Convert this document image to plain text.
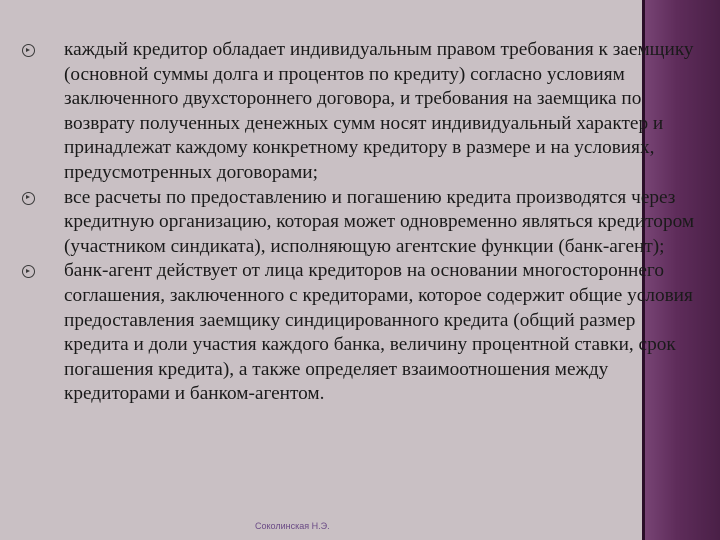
каждый кредитор обладает индивидуальным правом требования к заемщику (основной суммы долга и процентов по кредиту) согласно условиям заключенного двухстороннего договора, и требования на заемщика по возврату полученных денежных сумм носят индивидуальный характер и принадлежат каждому конкретному кредитору в размере и на условиях, предусмотренных договорами;
все расчеты по предоставлению и погашению кредита производятся через кредитную организацию, которая может одновременно являться кредитором (участником синдиката), исполняющую агентские функции (банк-агент);
банк-агент действует от лица кредиторов на основании многостороннего соглашения, заключенного с кредиторами, которое содержит общие условия предоставления заемщику синдицированного кредита (общий размер кредита и доли участия каждого банка, величину процентной ставки, срок погашения кредита), а также определяет взаимоотношения между кредиторами и банком-агентом.
Соколинская Н.Э.
